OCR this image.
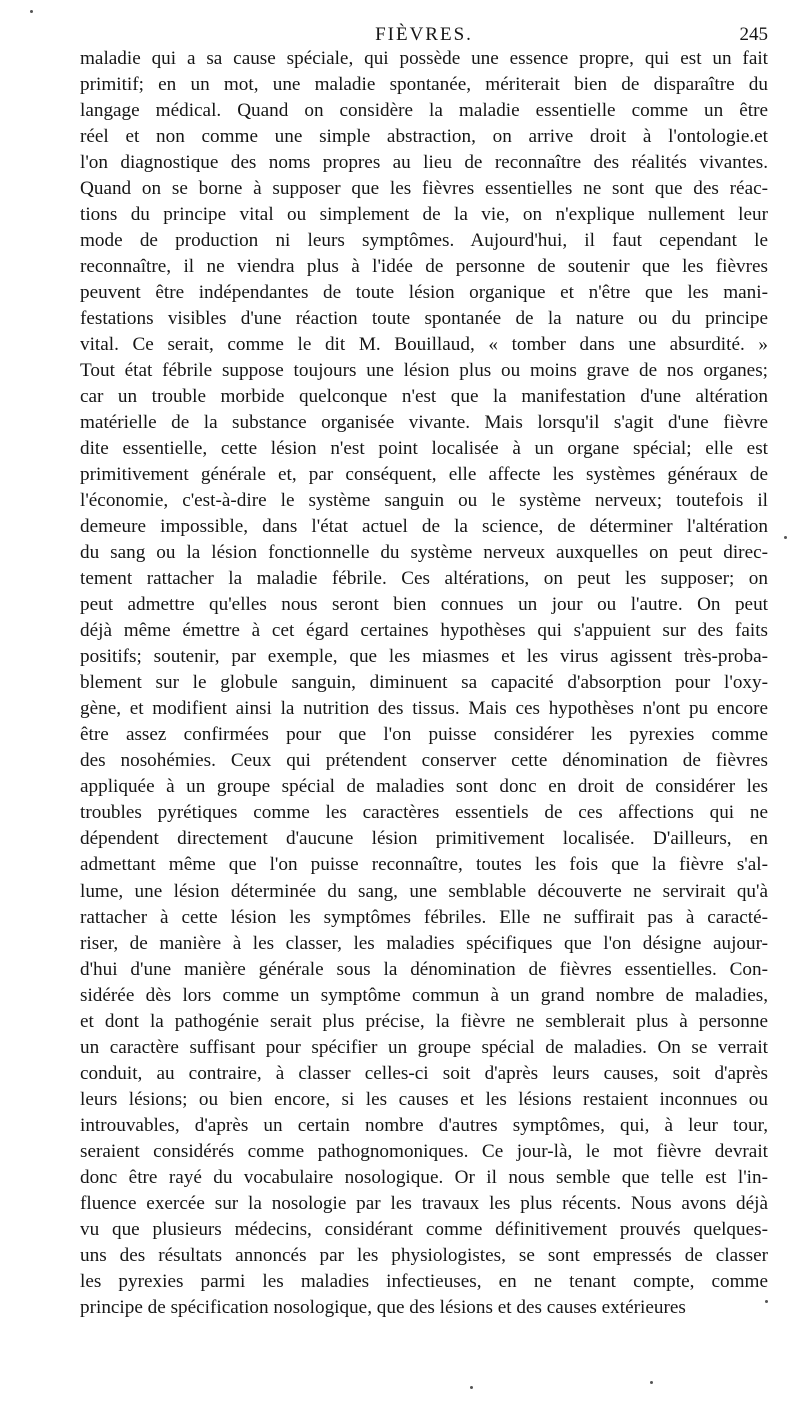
FIÈVRES.	245
maladie qui a sa cause spéciale, qui possède une essence propre, qui est un fait
primitif; en un mot, une maladie spontanée, mériterait bien de disparaître du
langage médical. Quand on considère la maladie essentielle comme un être
réel et non comme une simple abstraction, on arrive droit à l'ontologie.et
l'on diagnostique des noms propres au lieu de reconnaître des réalités vivantes.
Quand on se borne à supposer que les fièvres essentielles ne sont que des réac-
tions du principe vital ou simplement de la vie, on n'explique nullement leur
mode de production ni leurs symptômes. Aujourd'hui, il faut cependant le
reconnaître, il ne viendra plus à l'idée de personne de soutenir que les fièvres
peuvent être indépendantes de toute lésion organique et n'être que les mani-
festations visibles d'une réaction toute spontanée de la nature ou du principe
vital. Ce serait, comme le dit M. Bouillaud, « tomber dans une absurdité. »
Tout état fébrile suppose toujours une lésion plus ou moins grave de nos organes;
car un trouble morbide quelconque n'est que la manifestation d'une altération
matérielle de la substance organisée vivante. Mais lorsqu'il s'agit d'une fièvre
dite essentielle, cette lésion n'est point localisée à un organe spécial; elle est
primitivement générale et, par conséquent, elle affecte les systèmes généraux de
l'économie, c'est-à-dire le système sanguin ou le système nerveux; toutefois il
demeure impossible, dans l'état actuel de la science, de déterminer l'altération
du sang ou la lésion fonctionnelle du système nerveux auxquelles on peut direc-
tement rattacher la maladie fébrile. Ces altérations, on peut les supposer; on
peut admettre qu'elles nous seront bien connues un jour ou l'autre. On peut
déjà même émettre à cet égard certaines hypothèses qui s'appuient sur des faits
positifs; soutenir, par exemple, que les miasmes et les virus agissent très-proba-
blement sur le globule sanguin, diminuent sa capacité d'absorption pour l'oxy-
gène, et modifient ainsi la nutrition des tissus. Mais ces hypothèses n'ont pu encore
être assez confirmées pour que l'on puisse considérer les pyrexies comme
des nosohémies. Ceux qui prétendent conserver cette dénomination de fièvres
appliquée à un groupe spécial de maladies sont donc en droit de considérer les
troubles pyrétiques comme les caractères essentiels de ces affections qui ne
dépendent directement d'aucune lésion primitivement localisée. D'ailleurs, en
admettant même que l'on puisse reconnaître, toutes les fois que la fièvre s'al-
lume, une lésion déterminée du sang, une semblable découverte ne servirait qu'à
rattacher à cette lésion les symptômes fébriles. Elle ne suffirait pas à caracté-
riser, de manière à les classer, les maladies spécifiques que l'on désigne aujour-
d'hui d'une manière générale sous la dénomination de fièvres essentielles. Con-
sidérée dès lors comme un symptôme commun à un grand nombre de maladies,
et dont la pathogénie serait plus précise, la fièvre ne semblerait plus à personne
un caractère suffisant pour spécifier un groupe spécial de maladies. On se verrait
conduit, au contraire, à classer celles-ci soit d'après leurs causes, soit d'après
leurs lésions; ou bien encore, si les causes et les lésions restaient inconnues ou
introuvables, d'après un certain nombre d'autres symptômes, qui, à leur tour,
seraient considérés comme pathognomoniques. Ce jour-là, le mot fièvre devrait
donc être rayé du vocabulaire nosologique. Or il nous semble que telle est l'in-
fluence exercée sur la nosologie par les travaux les plus récents. Nous avons déjà
vu que plusieurs médecins, considérant comme définitivement prouvés quelques-
uns des résultats annoncés par les physiologistes, se sont empressés de classer
les pyrexies parmi les maladies infectieuses, en ne tenant compte, comme
principe de spécification nosologique, que des lésions et des causes extérieures
